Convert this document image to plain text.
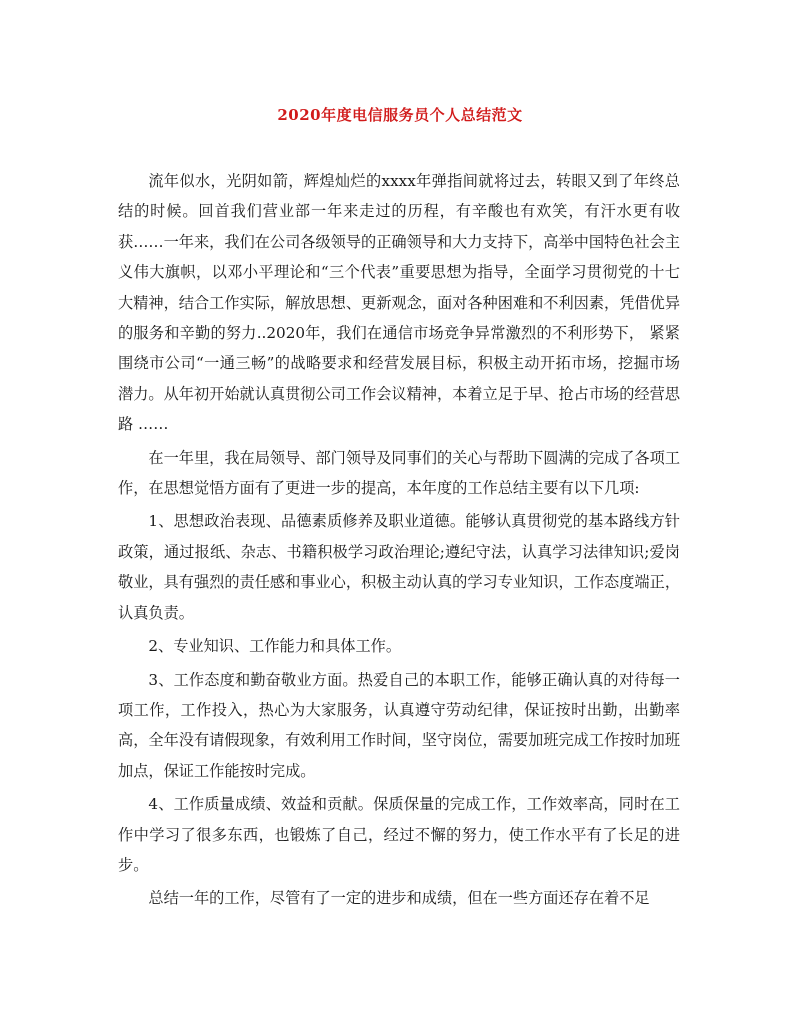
2020年度电信服务员个人总结范文

流年似水，光阴如箭，辉煌灿烂的xxxx年弹指间就将过去，转眼又到了年终总结的时候。回首我们营业部一年来走过的历程，有辛酸也有欢笑，有汗水更有收获……一年来，我们在公司各级领导的正确领导和大力支持下，高举中国特色社会主义伟大旗帜，以邓小平理论和“三个代表”重要思想为指导，全面学习贯彻党的十七大精神，结合工作实际，解放思想、更新观念，面对各种困难和不利因素，凭借优异的服务和辛勤的努力..2020年，我们在通信市场竞争异常激烈的不利形势下， 紧紧围绕市公司“一通三畅”的战略要求和经营发展目标，积极主动开拓市场，挖掘市场潜力。从年初开始就认真贯彻公司工作会议精神，本着立足于早、抢占市场的经营思路 ……

在一年里，我在局领导、部门领导及同事们的关心与帮助下圆满的完成了各项工作，在思想觉悟方面有了更进一步的提高，本年度的工作总结主要有以下几项:

1、思想政治表现、品德素质修养及职业道德。能够认真贯彻党的基本路线方针政策，通过报纸、杂志、书籍积极学习政治理论;遵纪守法，认真学习法律知识;爱岗敬业，具有强烈的责任感和事业心，积极主动认真的学习专业知识，工作态度端正，认真负责。

2、专业知识、工作能力和具体工作。

3、工作态度和勤奋敬业方面。热爱自己的本职工作，能够正确认真的对待每一项工作，工作投入，热心为大家服务，认真遵守劳动纪律，保证按时出勤，出勤率高，全年没有请假现象，有效利用工作时间，坚守岗位，需要加班完成工作按时加班加点，保证工作能按时完成。

4、工作质量成绩、效益和贡献。保质保量的完成工作，工作效率高，同时在工作中学习了很多东西，也锻炼了自己，经过不懈的努力，使工作水平有了长足的进步。

总结一年的工作，尽管有了一定的进步和成绩，但在一些方面还存在着不足
